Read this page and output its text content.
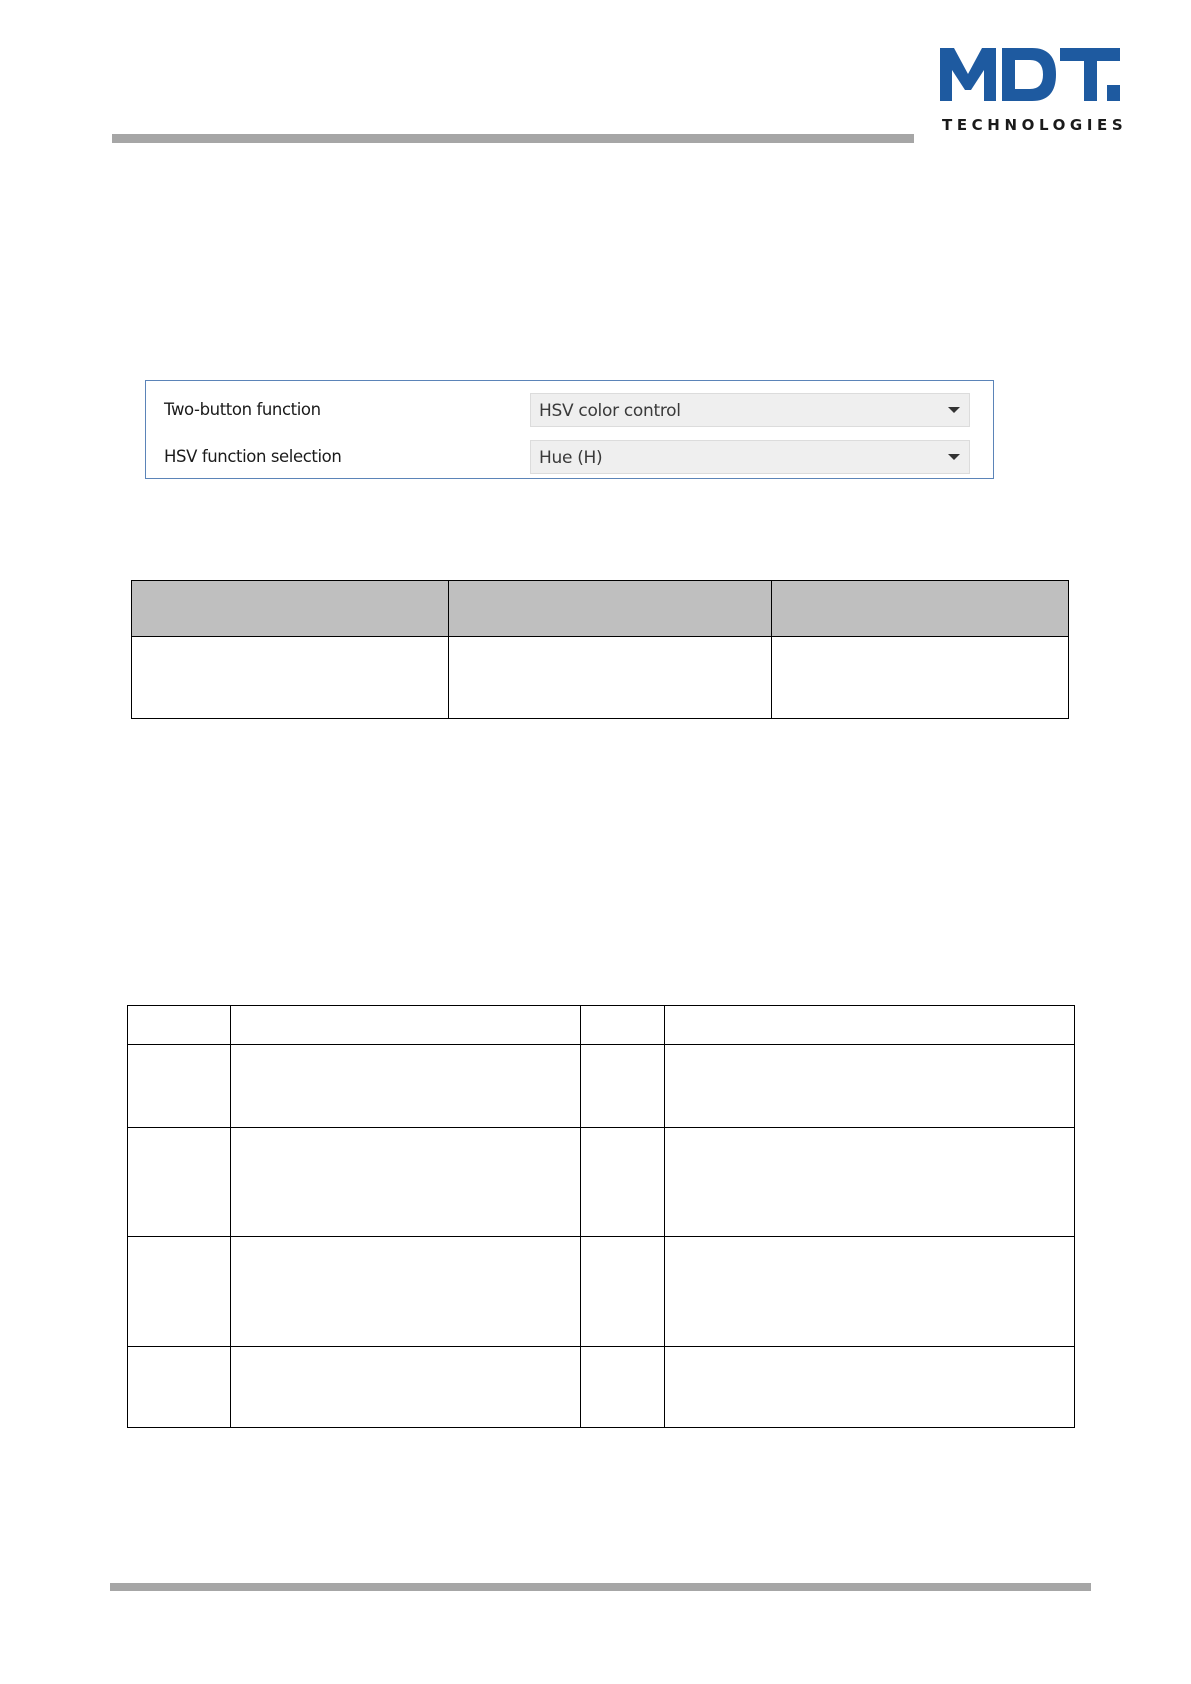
TECHNOLOGIES
Two-button function	HSV color control
HSV function selection	Hue (H)
